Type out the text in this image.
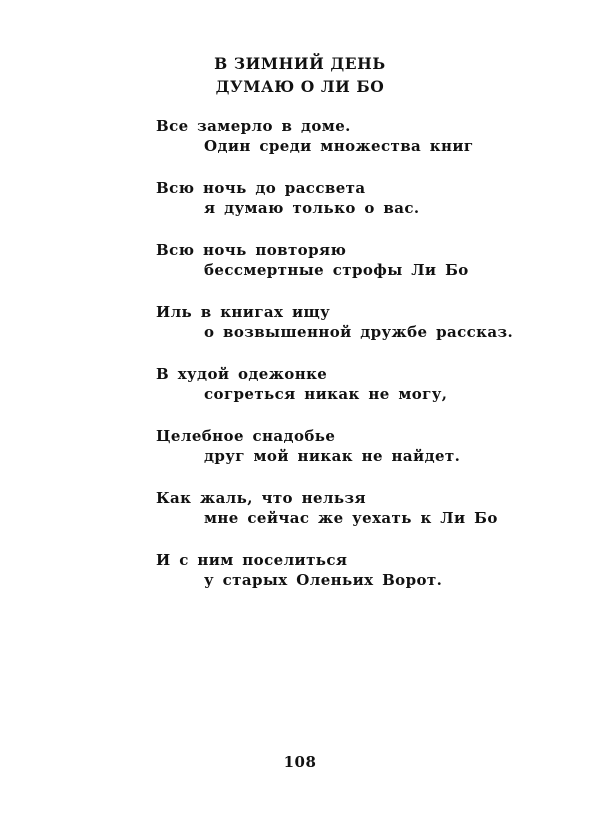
В ЗИМНИЙ ДЕНЬ
ДУМАЮ О ЛИ БО
Все замерло в доме.
Один среди множества книг
Всю ночь до рассвета
я думаю только о вас.
Всю ночь повторяю
бессмертные строфы Ли Бо
Иль в книгах ищу
о возвышенной дружбе рассказ.
В худой одежонке
согреться никак не могу,
Целебное снадобье
друг мой никак не найдет.
Как жаль, что нельзя
мне сейчас же уехать к Ли Бо
И с ним поселиться
у старых Оленьих Ворот.
108
